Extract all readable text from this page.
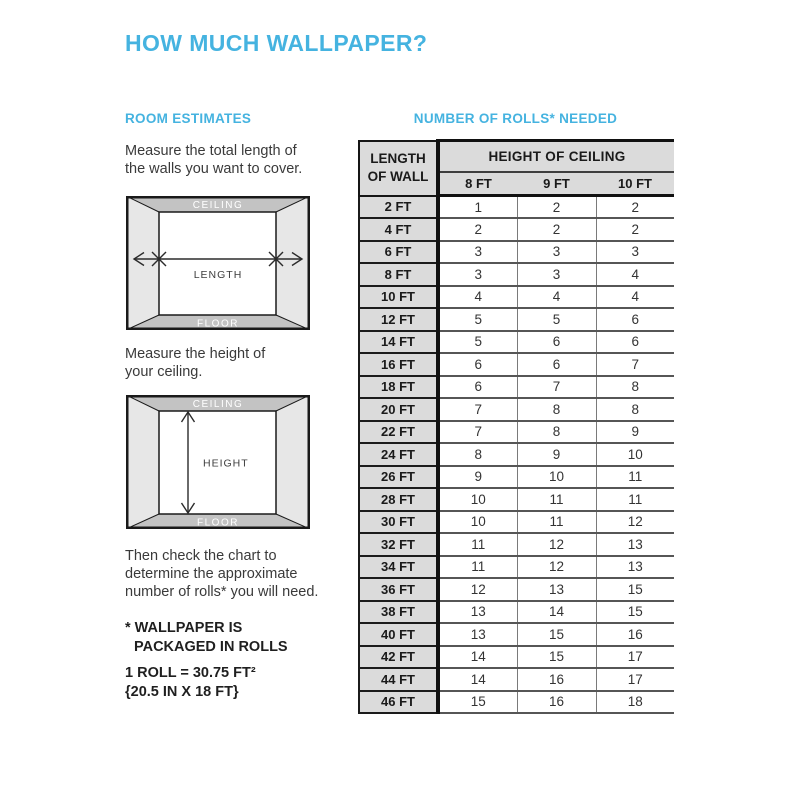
HOW MUCH WALLPAPER?
ROOM ESTIMATES

Measure the total length of
the walls you want to cover.

CEILING
FLOOR
LENGTH

Measure the height of
your ceiling.

CEILING
FLOOR
HEIGHT

Then check the chart to
determine the approximate
number of rolls* you will need.

* WALLPAPER IS
PACKAGED IN ROLLS

1 ROLL = 30.75 FT²
{20.5 IN X 18 FT}

NUMBER OF ROLLS* NEEDED
LENGTH
OF WALL	HEIGHT OF CEILING		
	8 FT	9 FT	10 FT
2 FT	1	2	2
4 FT	2	2	2
6 FT	3	3	3
8 FT	3	3	4
10 FT	4	4	4
12 FT	5	5	6
14 FT	5	6	6
16 FT	6	6	7
18 FT	6	7	8
20 FT	7	8	8
22 FT	7	8	9
24 FT	8	9	10
26 FT	9	10	11
28 FT	10	11	11
30 FT	10	11	12
32 FT	11	12	13
34 FT	11	12	13
36 FT	12	13	15
38 FT	13	14	15
40 FT	13	15	16
42 FT	14	15	17
44 FT	14	16	17
46 FT	15	16	18
